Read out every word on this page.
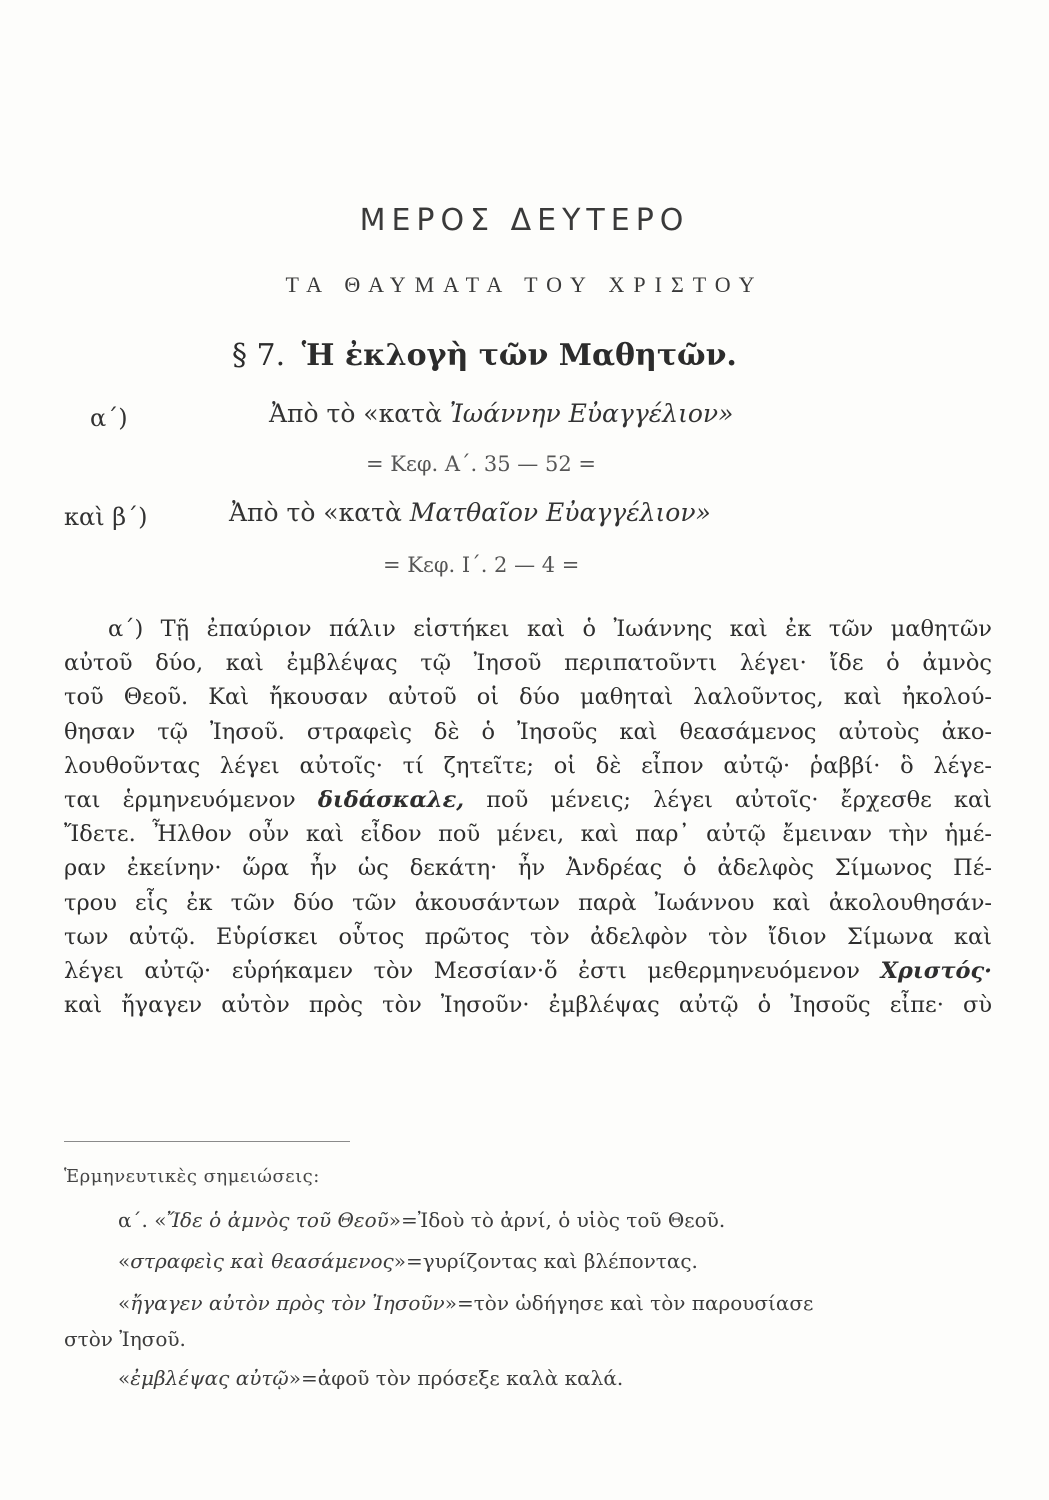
ΜΕΡΟΣ ΔΕΥΤΕΡΟ
ΤΑ ΘΑΥΜΑΤΑ ΤΟΥ ΧΡΙΣΤΟΥ
§ 7. Ἡ ἐκλογὴ τῶν Μαθητῶν.
α΄)	Ἀπὸ τὸ «κατὰ Ἰωάννην Εὐαγγέλιον»
= Κεφ. Α΄. 35 — 52 =
καὶ β΄)	Ἀπὸ τὸ «κατὰ Ματθαῖον Εὐαγγέλιον»
= Κεφ. Ι΄. 2 — 4 =
α΄) Τῇ ἐπαύριον πάλιν εἱστήκει καὶ ὁ Ἰωάννης καὶ ἐκ τῶν μαθητῶν
αὐτοῦ δύο, καὶ ἐμβλέψας τῷ Ἰησοῦ περιπατοῦντι λέγει· ἴδε ὁ ἀμνὸς
τοῦ Θεοῦ. Καὶ ἤκουσαν αὐτοῦ οἱ δύο μαθηταὶ λαλοῦντος, καὶ ἠκολού-
θησαν τῷ Ἰησοῦ. στραφεὶς δὲ ὁ Ἰησοῦς καὶ θεασάμενος αὐτοὺς ἀκο-
λουθοῦντας λέγει αὐτοῖς· τί ζητεῖτε; οἱ δὲ εἶπον αὐτῷ· ῥαββί· ὃ λέγε-
ται ἑρμηνευόμενον διδάσκαλε, ποῦ μένεις; λέγει αὐτοῖς· ἔρχεσθε καὶ
Ἴδετε. Ἦλθον οὖν καὶ εἶδον ποῦ μένει, καὶ παρ᾿ αὐτῷ ἔμειναν τὴν ἡμέ-
ραν ἐκείνην· ὥρα ἦν ὡς δεκάτη· ἦν Ἀνδρέας ὁ ἀδελφὸς Σίμωνος Πέ-
τρου εἷς ἐκ τῶν δύο τῶν ἀκουσάντων παρὰ Ἰωάννου καὶ ἀκολουθησάν-
των αὐτῷ. Εὑρίσκει οὗτος πρῶτος τὸν ἀδελφὸν τὸν ἴδιον Σίμωνα καὶ
λέγει αὐτῷ· εὑρήκαμεν τὸν Μεσσίαν·ὅ ἐστι μεθερμηνευόμενον Χριστός·
καὶ ἤγαγεν αὐτὸν πρὸς τὸν Ἰησοῦν· ἐμβλέψας αὐτῷ ὁ Ἰησοῦς εἶπε· σὺ
Ἑρμηνευτικὲς σημειώσεις:
α΄. «Ἴδε ὁ ἀμνὸς τοῦ Θεοῦ»=Ἰδοὺ τὸ ἀρνί, ὁ υἱὸς τοῦ Θεοῦ.
«στραφεὶς καὶ θεασάμενος»=γυρίζοντας καὶ βλέποντας.
«ἤγαγεν αὐτὸν πρὸς τὸν Ἰησοῦν»=τὸν ὡδήγησε καὶ τὸν παρουσίασε
στὸν Ἰησοῦ.
«ἐμβλέψας αὐτῷ»=ἀφοῦ τὸν πρόσεξε καλὰ καλά.
